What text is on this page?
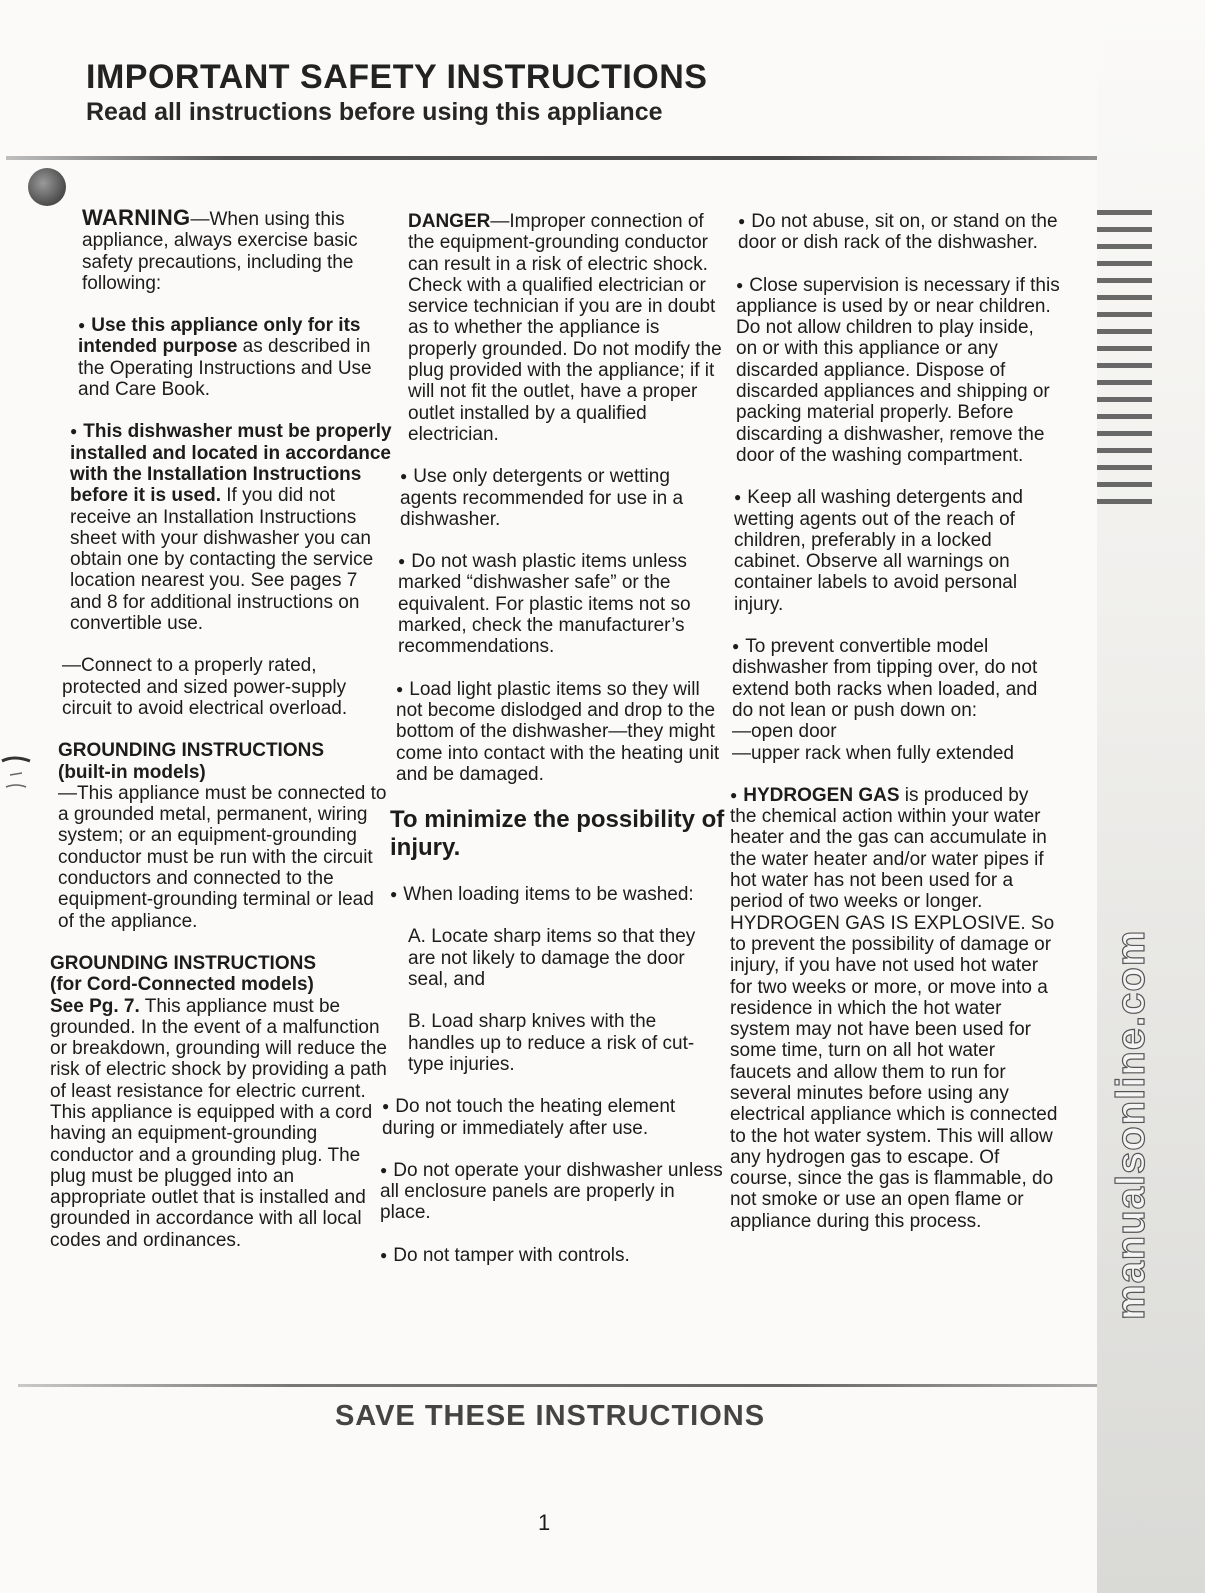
IMPORTANT SAFETY INSTRUCTIONS
Read all instructions before using this appliance

WARNING—When using this appliance, always exercise basic safety precautions, including the following:

● Use this appliance only for its intended purpose as described in the Operating Instructions and Use and Care Book.

● This dishwasher must be properly installed and located in accordance with the Installation Instructions before it is used. If you did not receive an Installation Instructions sheet with your dishwasher you can obtain one by contacting the service location nearest you. See pages 7 and 8 for additional instructions on convertible use.

—Connect to a properly rated, protected and sized power-supply circuit to avoid electrical overload.

GROUNDING INSTRUCTIONS
(built-in models)
—This appliance must be connected to a grounded metal, permanent, wiring system; or an equipment-grounding conductor must be run with the circuit conductors and connected to the equipment-grounding terminal or lead of the appliance.
GROUNDING INSTRUCTIONS
(for Cord-Connected models)
See Pg. 7. This appliance must be grounded. In the event of a malfunction or breakdown, grounding will reduce the risk of electric shock by providing a path of least resistance for electric current. This appliance is equipped with a cord having an equipment-grounding conductor and a grounding plug. The plug must be plugged into an appropriate outlet that is installed and grounded in accordance with all local codes and ordinances.

DANGER—Improper connection of the equipment-grounding conductor can result in a risk of electric shock. Check with a qualified electrician or service technician if you are in doubt as to whether the appliance is properly grounded. Do not modify the plug provided with the appliance; if it will not fit the outlet, have a proper outlet installed by a qualified electrician.

● Use only detergents or wetting agents recommended for use in a dishwasher.

● Do not wash plastic items unless marked “dishwasher safe” or the equivalent. For plastic items not so marked, check the manufacturer’s recommendations.

● Load light plastic items so they will not become dislodged and drop to the bottom of the dishwasher—they might come into contact with the heating unit and be damaged.

To minimize the possibility of injury.

● When loading items to be washed:

A. Locate sharp items so that they are not likely to damage the door seal, and

B. Load sharp knives with the handles up to reduce a risk of cut-type injuries.

● Do not touch the heating element during or immediately after use.

● Do not operate your dishwasher unless all enclosure panels are properly in place.

● Do not tamper with controls.

● Do not abuse, sit on, or stand on the door or dish rack of the dishwasher.

● Close supervision is necessary if this appliance is used by or near children. Do not allow children to play inside, on or with this appliance or any discarded appliance. Dispose of discarded appliances and shipping or packing material properly. Before discarding a dishwasher, remove the door of the washing compartment.

● Keep all washing detergents and wetting agents out of the reach of children, preferably in a locked cabinet. Observe all warnings on container labels to avoid personal injury.

● To prevent convertible model dishwasher from tipping over, do not extend both racks when loaded, and do not lean or push down on:
—open door
—upper rack when fully extended

● HYDROGEN GAS is produced by the chemical action within your water heater and the gas can accumulate in the water heater and/or water pipes if hot water has not been used for a period of two weeks or longer. HYDROGEN GAS IS EXPLOSIVE. So to prevent the possibility of damage or injury, if you have not used hot water for two weeks or more, or move into a residence in which the hot water system may not have been used for some time, turn on all hot water faucets and allow them to run for several minutes before using any electrical appliance which is connected to the hot water system. This will allow any hydrogen gas to escape. Of course, since the gas is flammable, do not smoke or use an open flame or appliance during this process.

SAVE THESE INSTRUCTIONS
1
manualsonline.com
